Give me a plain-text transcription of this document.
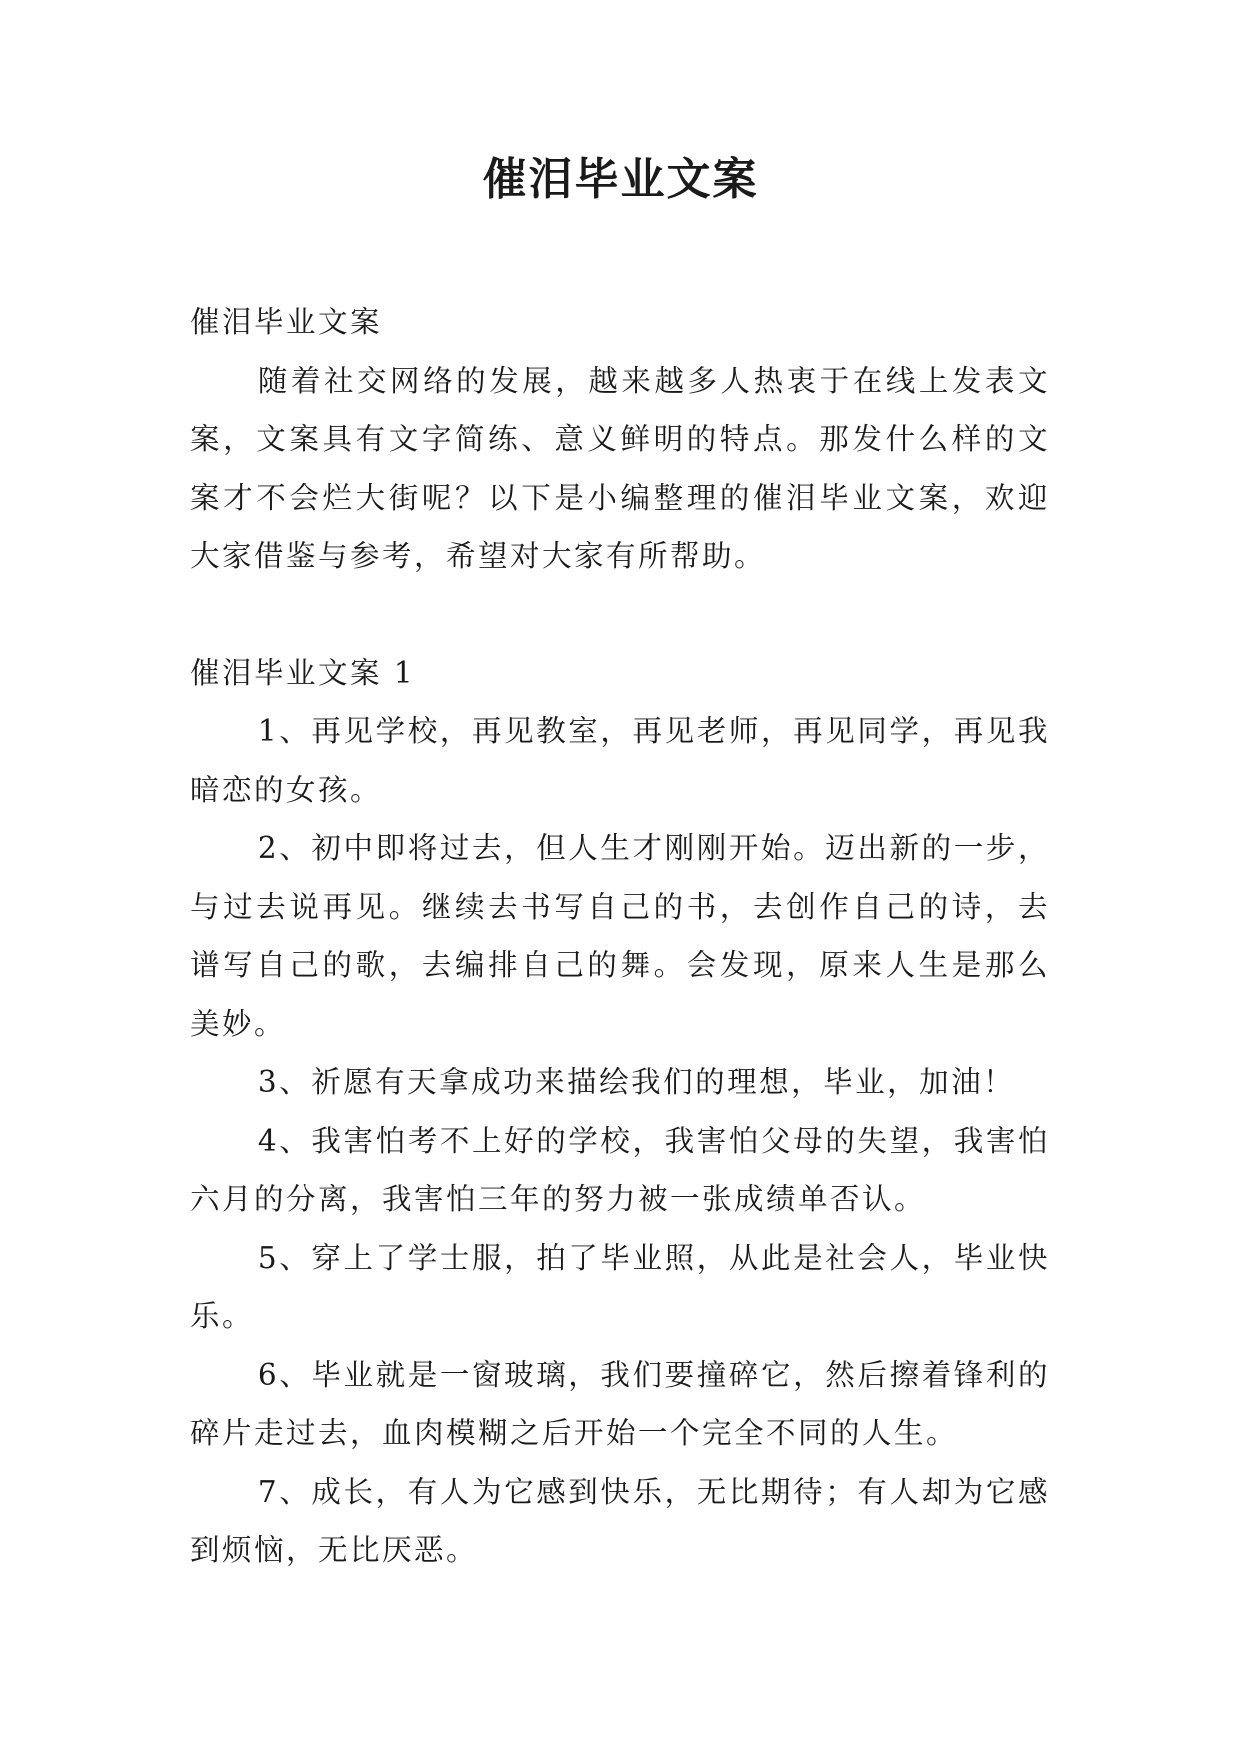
催泪毕业文案

催泪毕业文案

随着社交网络的发展，越来越多人热衷于在线上发表文案，文案具有文字简练、意义鲜明的特点。那发什么样的文案才不会烂大街呢？以下是小编整理的催泪毕业文案，欢迎大家借鉴与参考，希望对大家有所帮助。

催泪毕业文案 1

1、再见学校，再见教室，再见老师，再见同学，再见我暗恋的女孩。

2、初中即将过去，但人生才刚刚开始。迈出新的一步，与过去说再见。继续去书写自己的书，去创作自己的诗，去谱写自己的歌，去编排自己的舞。会发现，原来人生是那么美妙。

3、祈愿有天拿成功来描绘我们的理想，毕业，加油！

4、我害怕考不上好的学校，我害怕父母的失望，我害怕六月的分离，我害怕三年的努力被一张成绩单否认。

5、穿上了学士服，拍了毕业照，从此是社会人，毕业快乐。

6、毕业就是一窗玻璃，我们要撞碎它，然后擦着锋利的碎片走过去，血肉模糊之后开始一个完全不同的人生。

7、成长，有人为它感到快乐，无比期待；有人却为它感到烦恼，无比厌恶。
